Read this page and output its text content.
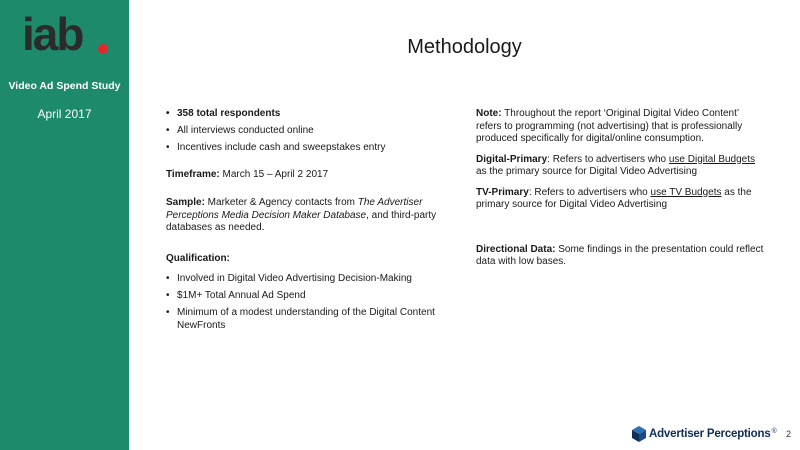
iab
Video Ad Spend Study
April 2017
Methodology
• 358 total respondents
• All interviews conducted online
• Incentives include cash and sweepstakes entry

Timeframe: March 15 – April 2 2017

Sample: Marketer & Agency contacts from The Advertiser Perceptions Media Decision Maker Database, and third-party databases as needed.

Qualification:

• Involved in Digital Video Advertising Decision-Making
• $1M+ Total Annual Ad Spend
• Minimum of a modest understanding of the Digital Content NewFronts

Note: Throughout the report ‘Original Digital Video Content’ refers to programming (not advertising) that is professionally produced specifically for digital/online consumption.

Digital-Primary: Refers to advertisers who use Digital Budgets as the primary source for Digital Video Advertising

TV-Primary: Refers to advertisers who use TV Budgets as the primary source for Digital Video Advertising

Directional Data: Some findings in the presentation could reflect data with low bases.

Advertiser Perceptions ® 2
